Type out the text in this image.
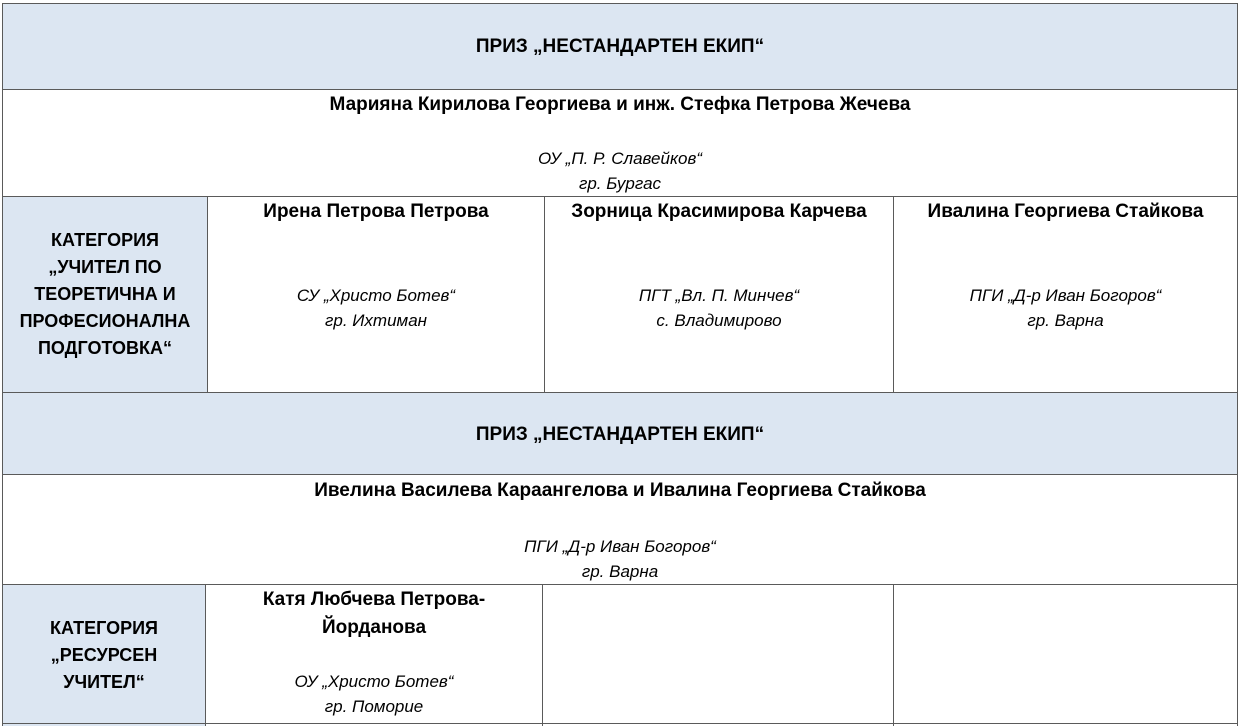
ПРИЗ „НЕСТАНДАРТЕН ЕКИП“
Марияна Кирилова Георгиева и инж. Стефка Петрова Жечева
ОУ „П. Р. Славейков“
гр. Бургас
КАТЕГОРИЯ
„УЧИТЕЛ ПО
ТЕОРЕТИЧНА И
ПРОФЕСИОНАЛНА
ПОДГОТОВКА“
Ирена Петрова Петрова
СУ „Христо Ботев“
гр. Ихтиман
Зорница Красимирова Карчева
ПГТ „Вл. П. Минчев“
с. Владимирово
Ивалина Георгиева Стайкова
ПГИ „Д-р Иван Богоров“
гр. Варна
ПРИЗ „НЕСТАНДАРТЕН ЕКИП“
Ивелина Василева Караангелова и Ивалина Георгиева Стайкова
ПГИ „Д-р Иван Богоров“
гр. Варна
КАТЕГОРИЯ
„РЕСУРСЕН
УЧИТЕЛ“
Катя Любчева Петрова-
Йорданова
ОУ „Христо Ботев“
гр. Поморие
